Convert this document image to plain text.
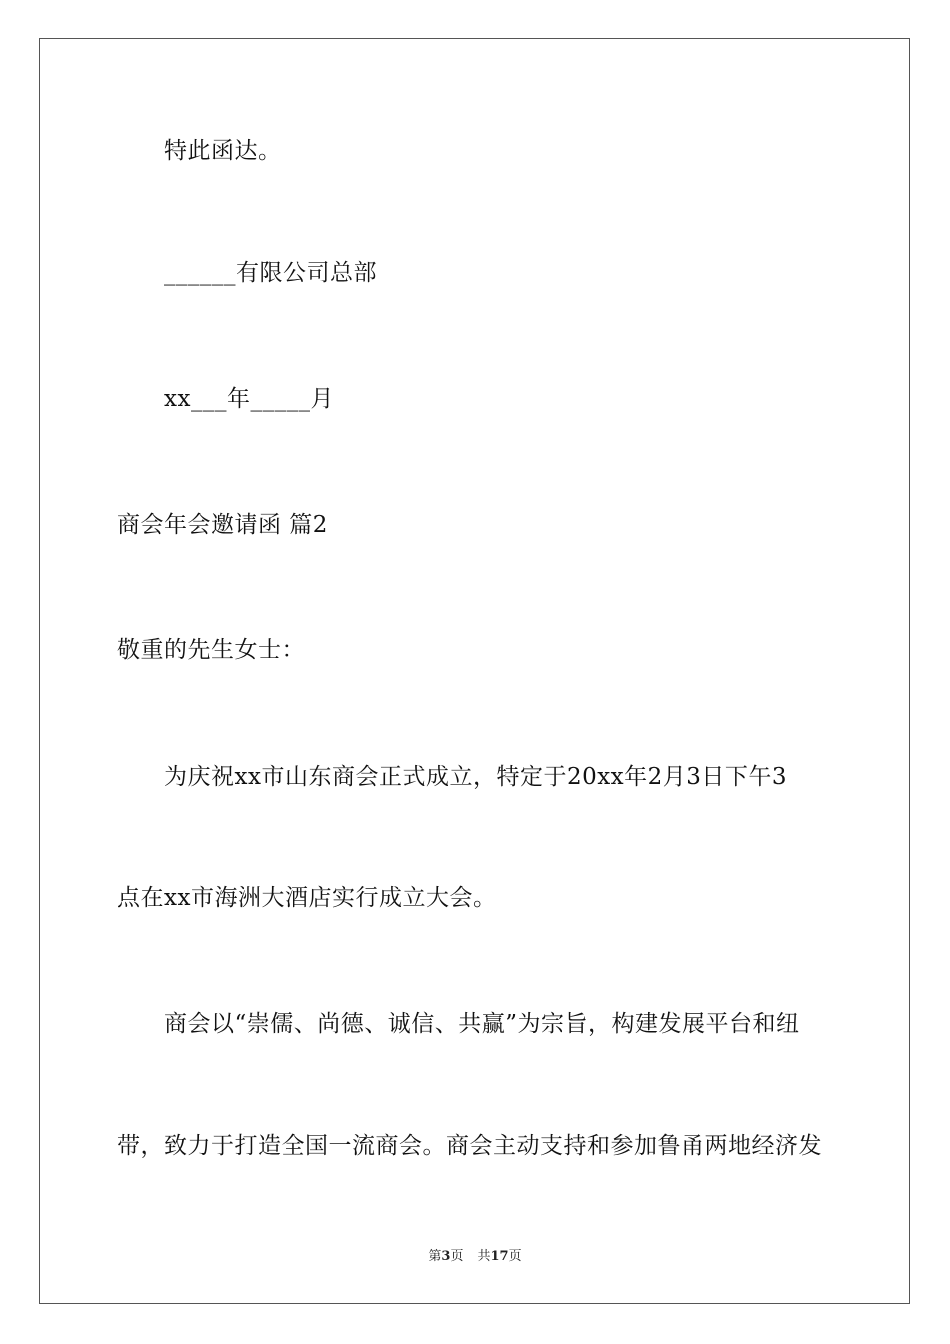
特此函达。
______有限公司总部
xx___年_____月
商会年会邀请函 篇2
敬重的先生女士：
为庆祝xx市山东商会正式成立，特定于20xx年2月3日下午3
点在xx市海洲大酒店实行成立大会。
商会以“崇儒、尚德、诚信、共赢”为宗旨，构建发展平台和纽
带，致力于打造全国一流商会。商会主动支持和参加鲁甬两地经济发
第3页 共17页
